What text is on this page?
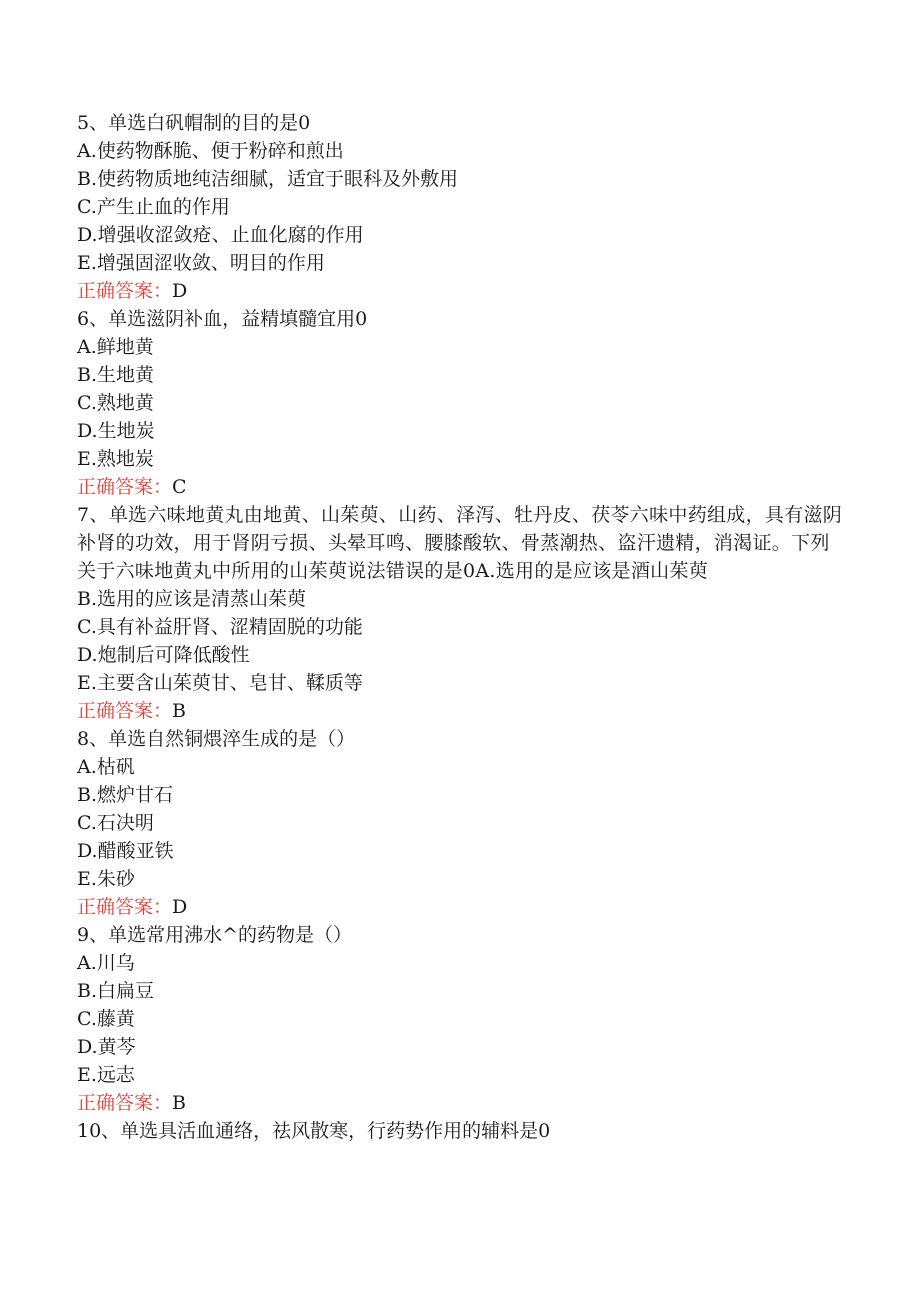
5、单选白矾帽制的目的是0
A.使药物酥脆、便于粉碎和煎出
B.使药物质地纯洁细腻，适宜于眼科及外敷用
C.产生止血的作用
D.增强收涩敛疮、止血化腐的作用
E.增强固涩收敛、明目的作用
正确答案：D
6、单选滋阴补血，益精填髓宜用0
A.鲜地黄
B.生地黄
C.熟地黄
D.生地炭
E.熟地炭
正确答案：C
7、单选六味地黄丸由地黄、山茱萸、山药、泽泻、牡丹皮、茯苓六味中药组成，具有滋阴补肾的功效，用于肾阴亏损、头晕耳鸣、腰膝酸软、骨蒸潮热、盗汗遗精，消渴证。下列关于六味地黄丸中所用的山茱萸说法错误的是0A.选用的是应该是酒山茱萸
B.选用的应该是清蒸山茱萸
C.具有补益肝肾、涩精固脱的功能
D.炮制后可降低酸性
E.主要含山茱萸甘、皂甘、鞣质等
正确答案：B
8、单选自然铜煨淬生成的是（）
A.枯矾
B.燃炉甘石
C.石决明
D.醋酸亚铁
E.朱砂
正确答案：D
9、单选常用沸水^的药物是（）
A.川乌
B.白扁豆
C.藤黄
D.黄芩
E.远志
正确答案：B
10、单选具活血通络，祛风散寒，行药势作用的辅料是0
